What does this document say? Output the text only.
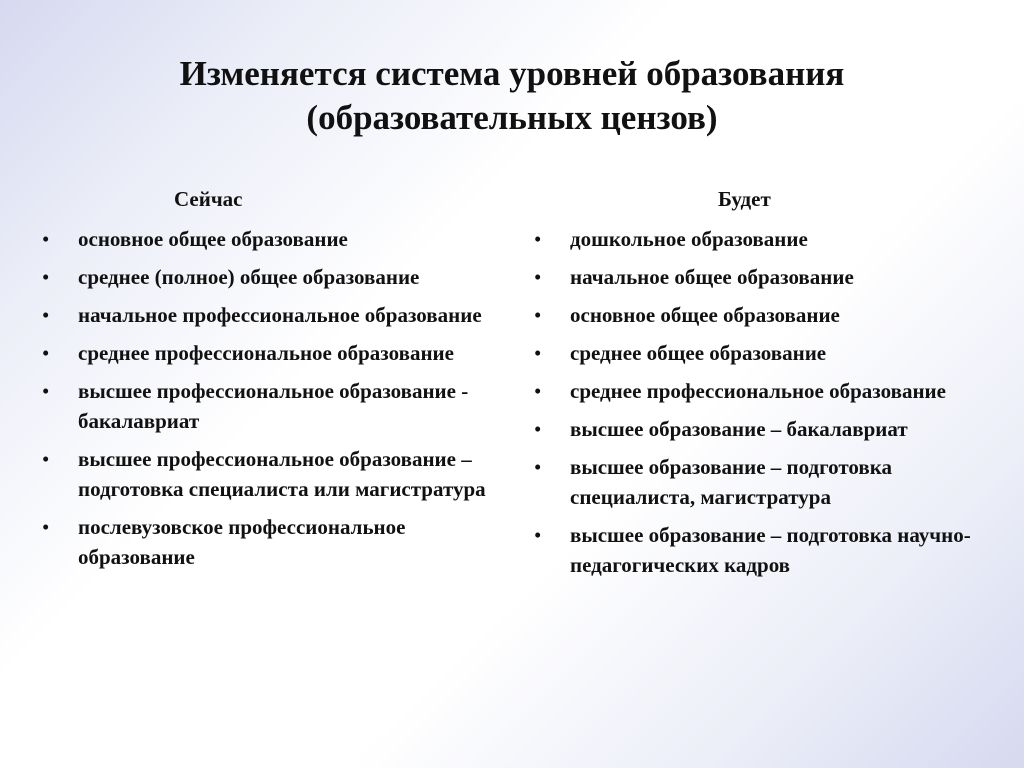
Изменяется система уровней образования
(образовательных цензов)
Сейчас
• основное общее образование
• среднее (полное) общее образование
• начальное профессиональное образование
• среднее профессиональное образование
• высшее профессиональное образование - бакалавриат
• высшее профессиональное образование – подготовка специалиста или магистратура
• послевузовское профессиональное образование
Будет
• дошкольное образование
• начальное общее образование
• основное общее образование
• среднее общее образование
• среднее профессиональное образование
• высшее образование – бакалавриат
• высшее образование – подготовка специалиста, магистратура
• высшее образование – подготовка научно-педагогических кадров
